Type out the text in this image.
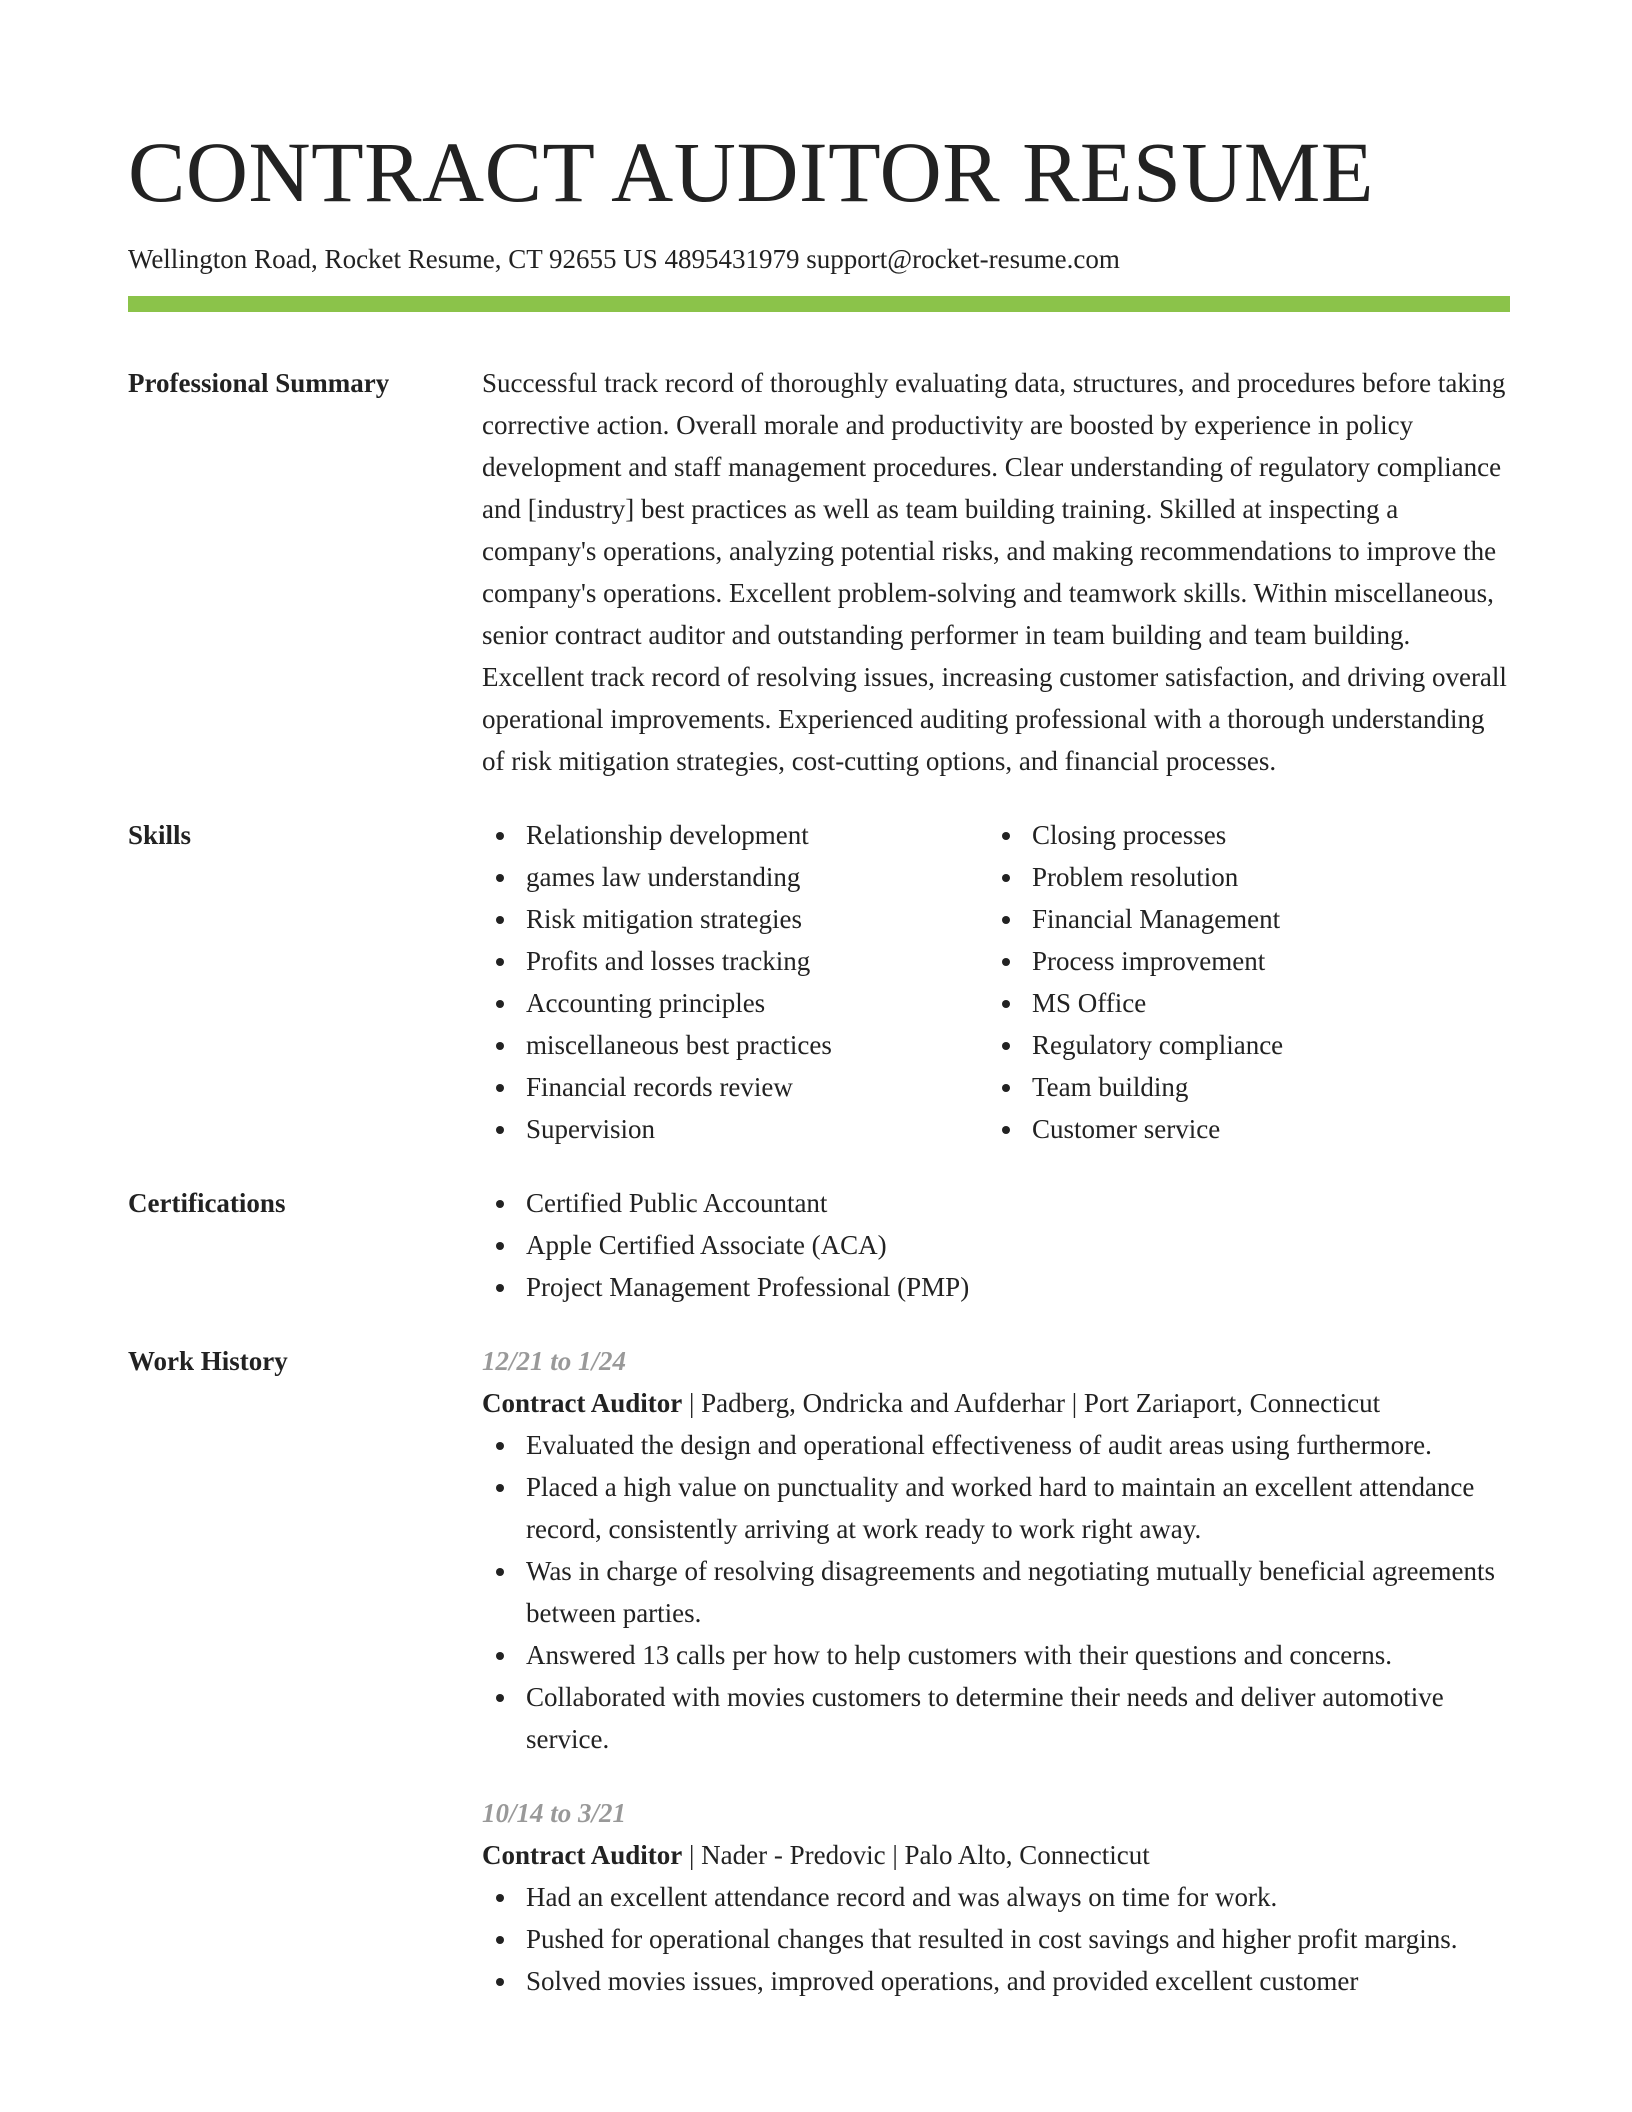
CONTRACT AUDITOR RESUME
Wellington Road, Rocket Resume, CT 92655 US 4895431979 support@rocket-resume.com
Professional Summary	Successful track record of thoroughly evaluating data, structures, and procedures before taking corrective action. Overall morale and productivity are boosted by experience in policy development and staff management procedures. Clear understanding of regulatory compliance and [industry] best practices as well as team building training. Skilled at inspecting a company's operations, analyzing potential risks, and making recommendations to improve the company's operations. Excellent problem-solving and teamwork skills. Within miscellaneous, senior contract auditor and outstanding performer in team building and team building. Excellent track record of resolving issues, increasing customer satisfaction, and driving overall operational improvements. Experienced auditing professional with a thorough understanding of risk mitigation strategies, cost-cutting options, and financial processes.

Skills	Relationship development
games law understanding
Risk mitigation strategies
Profits and losses tracking
Accounting principles
miscellaneous best practices
Financial records review
Supervision
Closing processes
Problem resolution
Financial Management
Process improvement
MS Office
Regulatory compliance
Team building
Customer service
Certifications	Certified Public Accountant
Apple Certified Associate (ACA)
Project Management Professional (PMP)
Work History	12/21 to 1/24
Contract Auditor | Padberg, Ondricka and Aufderhar | Port Zariaport, Connecticut
Evaluated the design and operational effectiveness of audit areas using furthermore.
Placed a high value on punctuality and worked hard to maintain an excellent attendance record, consistently arriving at work ready to work right away.
Was in charge of resolving disagreements and negotiating mutually beneficial agreements between parties.
Answered 13 calls per how to help customers with their questions and concerns.
Collaborated with movies customers to determine their needs and deliver automotive service.
10/14 to 3/21
Contract Auditor | Nader - Predovic | Palo Alto, Connecticut
Had an excellent attendance record and was always on time for work.
Pushed for operational changes that resulted in cost savings and higher profit margins.
Solved movies issues, improved operations, and provided excellent customer
